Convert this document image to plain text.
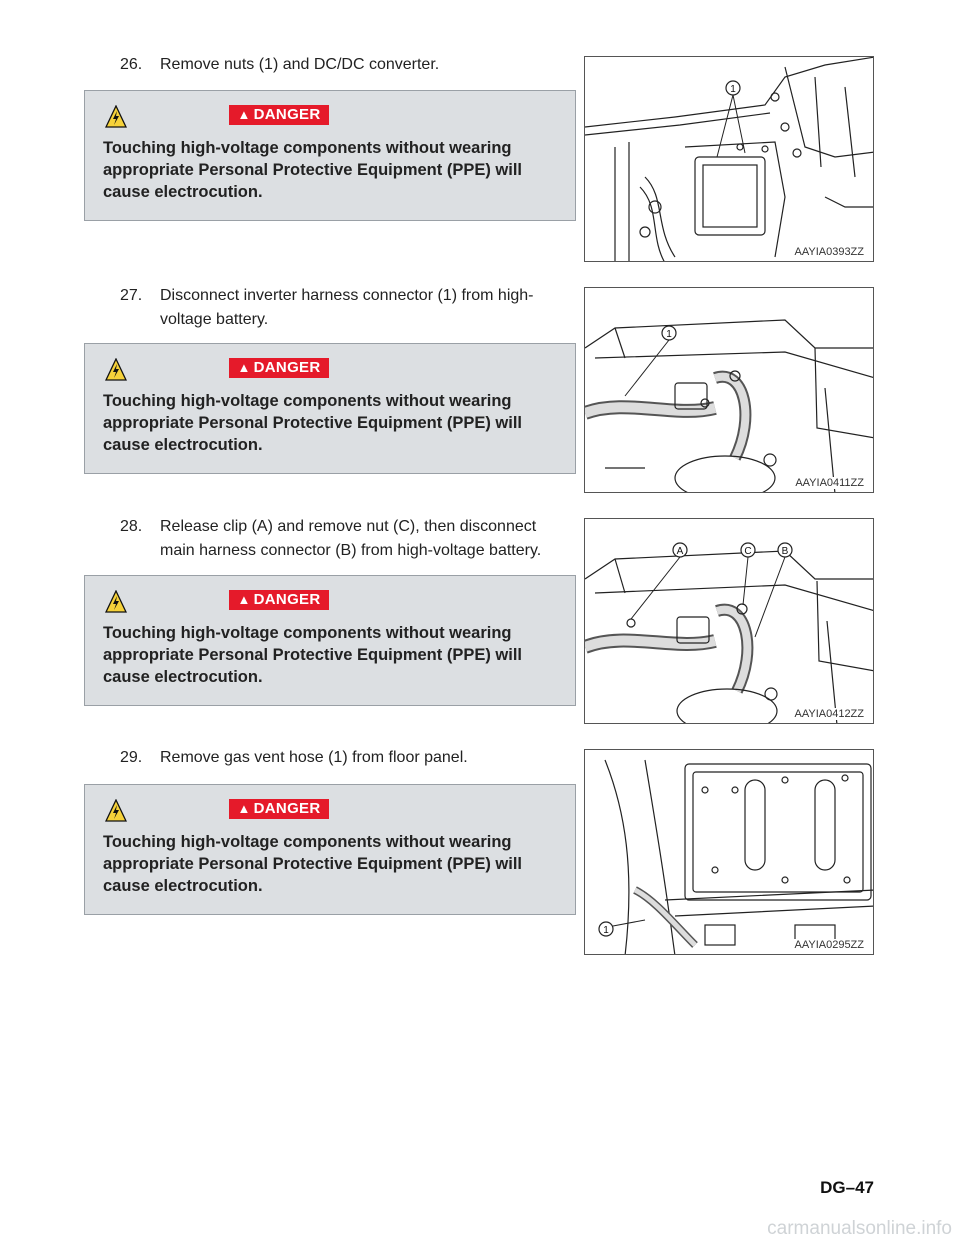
26.	Remove nuts (1) and DC/DC converter.
▲ DANGER
Touching high-voltage components without wearing appropriate Personal Protective Equipment (PPE) will cause electrocution.
1
AAYIA0393ZZ
27.	Disconnect inverter harness connector (1) from high-voltage battery.
▲ DANGER
Touching high-voltage components without wearing appropriate Personal Protective Equipment (PPE) will cause electrocution.
1
AAYIA0411ZZ
28.	Release clip (A) and remove nut (C), then disconnect main harness connector (B) from high-voltage battery.
▲ DANGER
Touching high-voltage components without wearing appropriate Personal Protective Equipment (PPE) will cause electrocution.
A	C	B
AAYIA0412ZZ
29.	Remove gas vent hose (1) from floor panel.
▲ DANGER
Touching high-voltage components without wearing appropriate Personal Protective Equipment (PPE) will cause electrocution.
1
AAYIA0295ZZ
DG–47
carmanualsonline.info
